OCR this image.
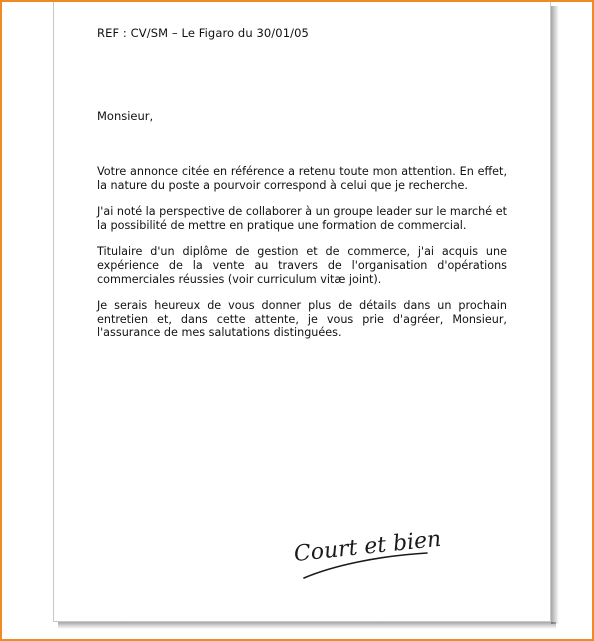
REF : CV/SM – Le Figaro du 30/01/05
Monsieur,

Votre annonce citée en référence a retenu toute mon attention. En effet, la nature du poste a pourvoir correspond à celui que je recherche.

J'ai noté la perspective de collaborer à un groupe leader sur le marché et la possibilité de mettre en pratique une formation de commercial.

Titulaire d'un diplôme de gestion et de commerce, j'ai acquis une expérience de la vente au travers de l'organisation d'opérations commerciales réussies (voir curriculum vitæ joint).

Je serais heureux de vous donner plus de détails dans un prochain entretien et, dans cette attente, je vous prie d'agréer, Monsieur, l'assurance de mes salutations distinguées.

Court et bien
